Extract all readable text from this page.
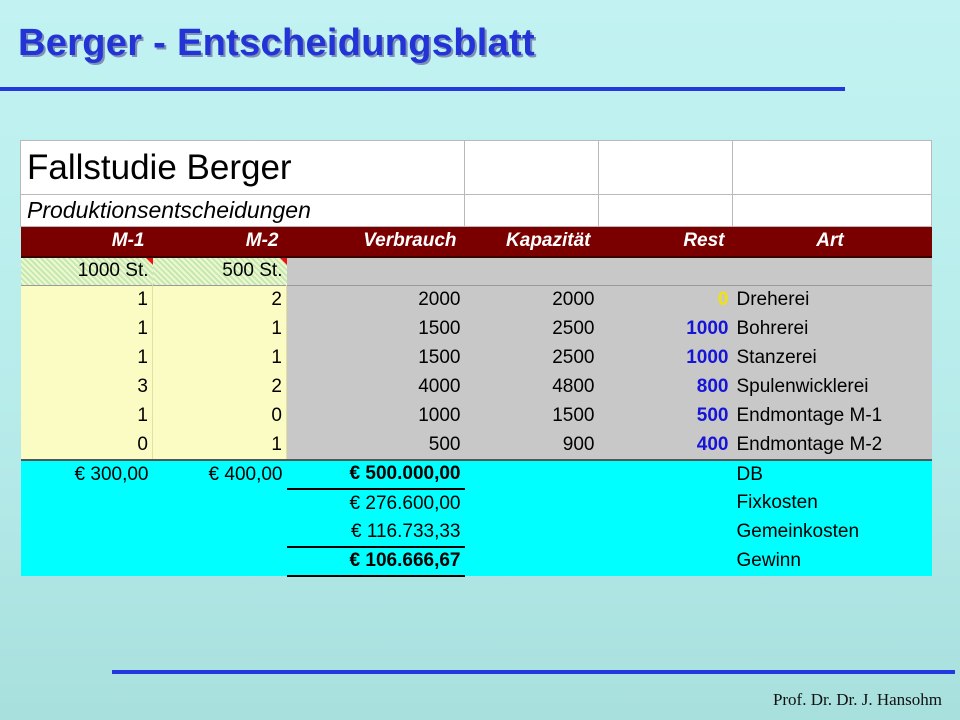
Berger - Entscheidungsblatt
Fallstudie Berger					
Produktionsentscheidungen					
M-1	M-2	Verbrauch	Kapazität	Rest	Art
1000 St.	500 St.

1	2	2000	2000	0	Dreherei
1	1	1500	2500	1000	Bohrerei
1	1	1500	2500	1000	Stanzerei
3	2	4000	4800	800	Spulenwicklerei
1	0	1000	1500	500	Endmontage M-1
0	1	500	900	400	Endmontage M-2
€ 300,00	€ 400,00	€ 500.000,00			DB
		€ 276.600,00			Fixkosten
		€ 116.733,33			Gemeinkosten
		€ 106.666,67			Gewinn
Prof. Dr. Dr. J. Hansohm
